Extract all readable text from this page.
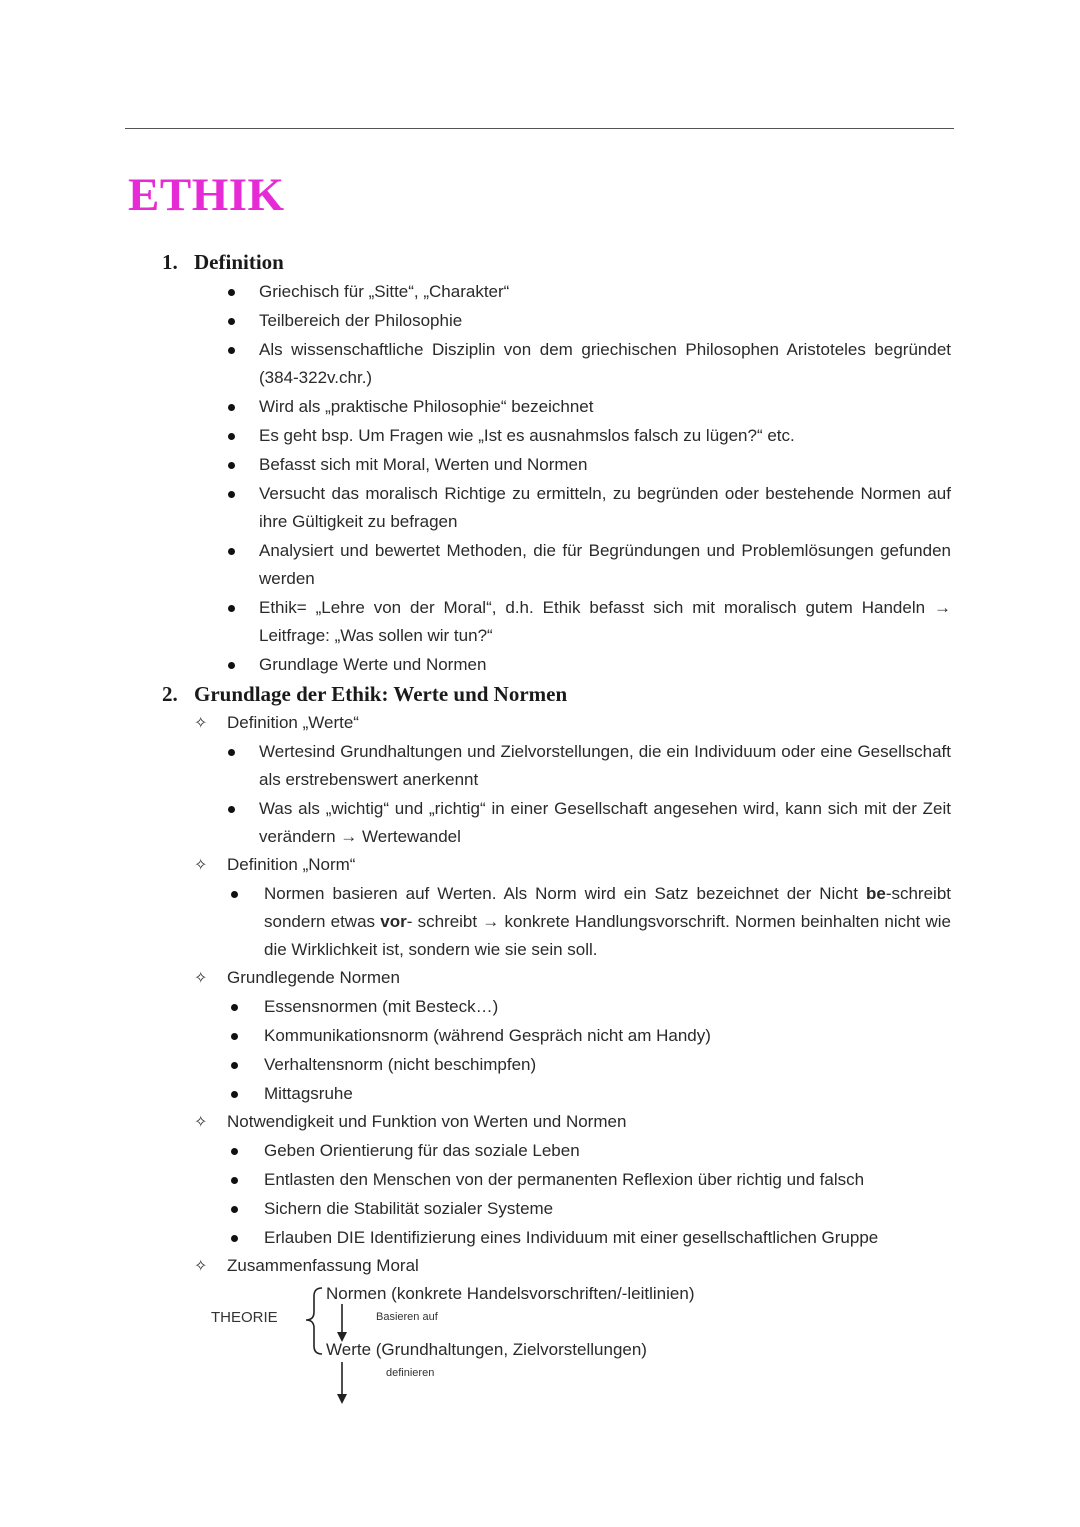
ETHIK
1. Definition
Griechisch für „Sitte“, „Charakter“
Teilbereich der Philosophie
Als wissenschaftliche Disziplin von dem griechischen Philosophen Aristoteles begründet (384-322v.chr.)
Wird als „praktische Philosophie“ bezeichnet
Es geht bsp. Um Fragen wie „Ist es ausnahmslos falsch zu lügen?“ etc.
Befasst sich mit Moral, Werten und Normen
Versucht das moralisch Richtige zu ermitteln, zu begründen oder bestehende Normen auf ihre Gültigkeit zu befragen
Analysiert und bewertet Methoden, die für Begründungen und Problemlösungen gefunden werden
Ethik= „Lehre von der Moral“, d.h. Ethik befasst sich mit moralisch gutem Handeln → Leitfrage: „Was sollen wir tun?“
Grundlage Werte und Normen
2. Grundlage der Ethik: Werte und Normen
✧ Definition „Werte“
Wertesind Grundhaltungen und Zielvorstellungen, die ein Individuum oder eine Gesellschaft als erstrebenswert anerkennt
Was als „wichtig“ und „richtig“ in einer Gesellschaft angesehen wird, kann sich mit der Zeit verändern → Wertewandel
✧ Definition „Norm“
Normen basieren auf Werten. Als Norm wird ein Satz bezeichnet der Nicht be-schreibt sondern etwas vor- schreibt → konkrete Handlungsvorschrift. Normen beinhalten nicht wie die Wirklichkeit ist, sondern wie sie sein soll.
✧ Grundlegende Normen
Essensnormen (mit Besteck…)
Kommunikationsnorm (während Gespräch nicht am Handy)
Verhaltensnorm (nicht beschimpfen)
Mittagsruhe
✧ Notwendigkeit und Funktion von Werten und Normen
Geben Orientierung für das soziale Leben
Entlasten den Menschen von der permanenten Reflexion über richtig und falsch
Sichern die Stabilität sozialer Systeme
Erlauben DIE Identifizierung eines Individuum mit einer gesellschaftlichen Gruppe
✧ Zusammenfassung Moral
THEORIE
Normen (konkrete Handelsvorschriften/-leitlinien)
Basieren auf
Werte (Grundhaltungen, Zielvorstellungen)
definieren
